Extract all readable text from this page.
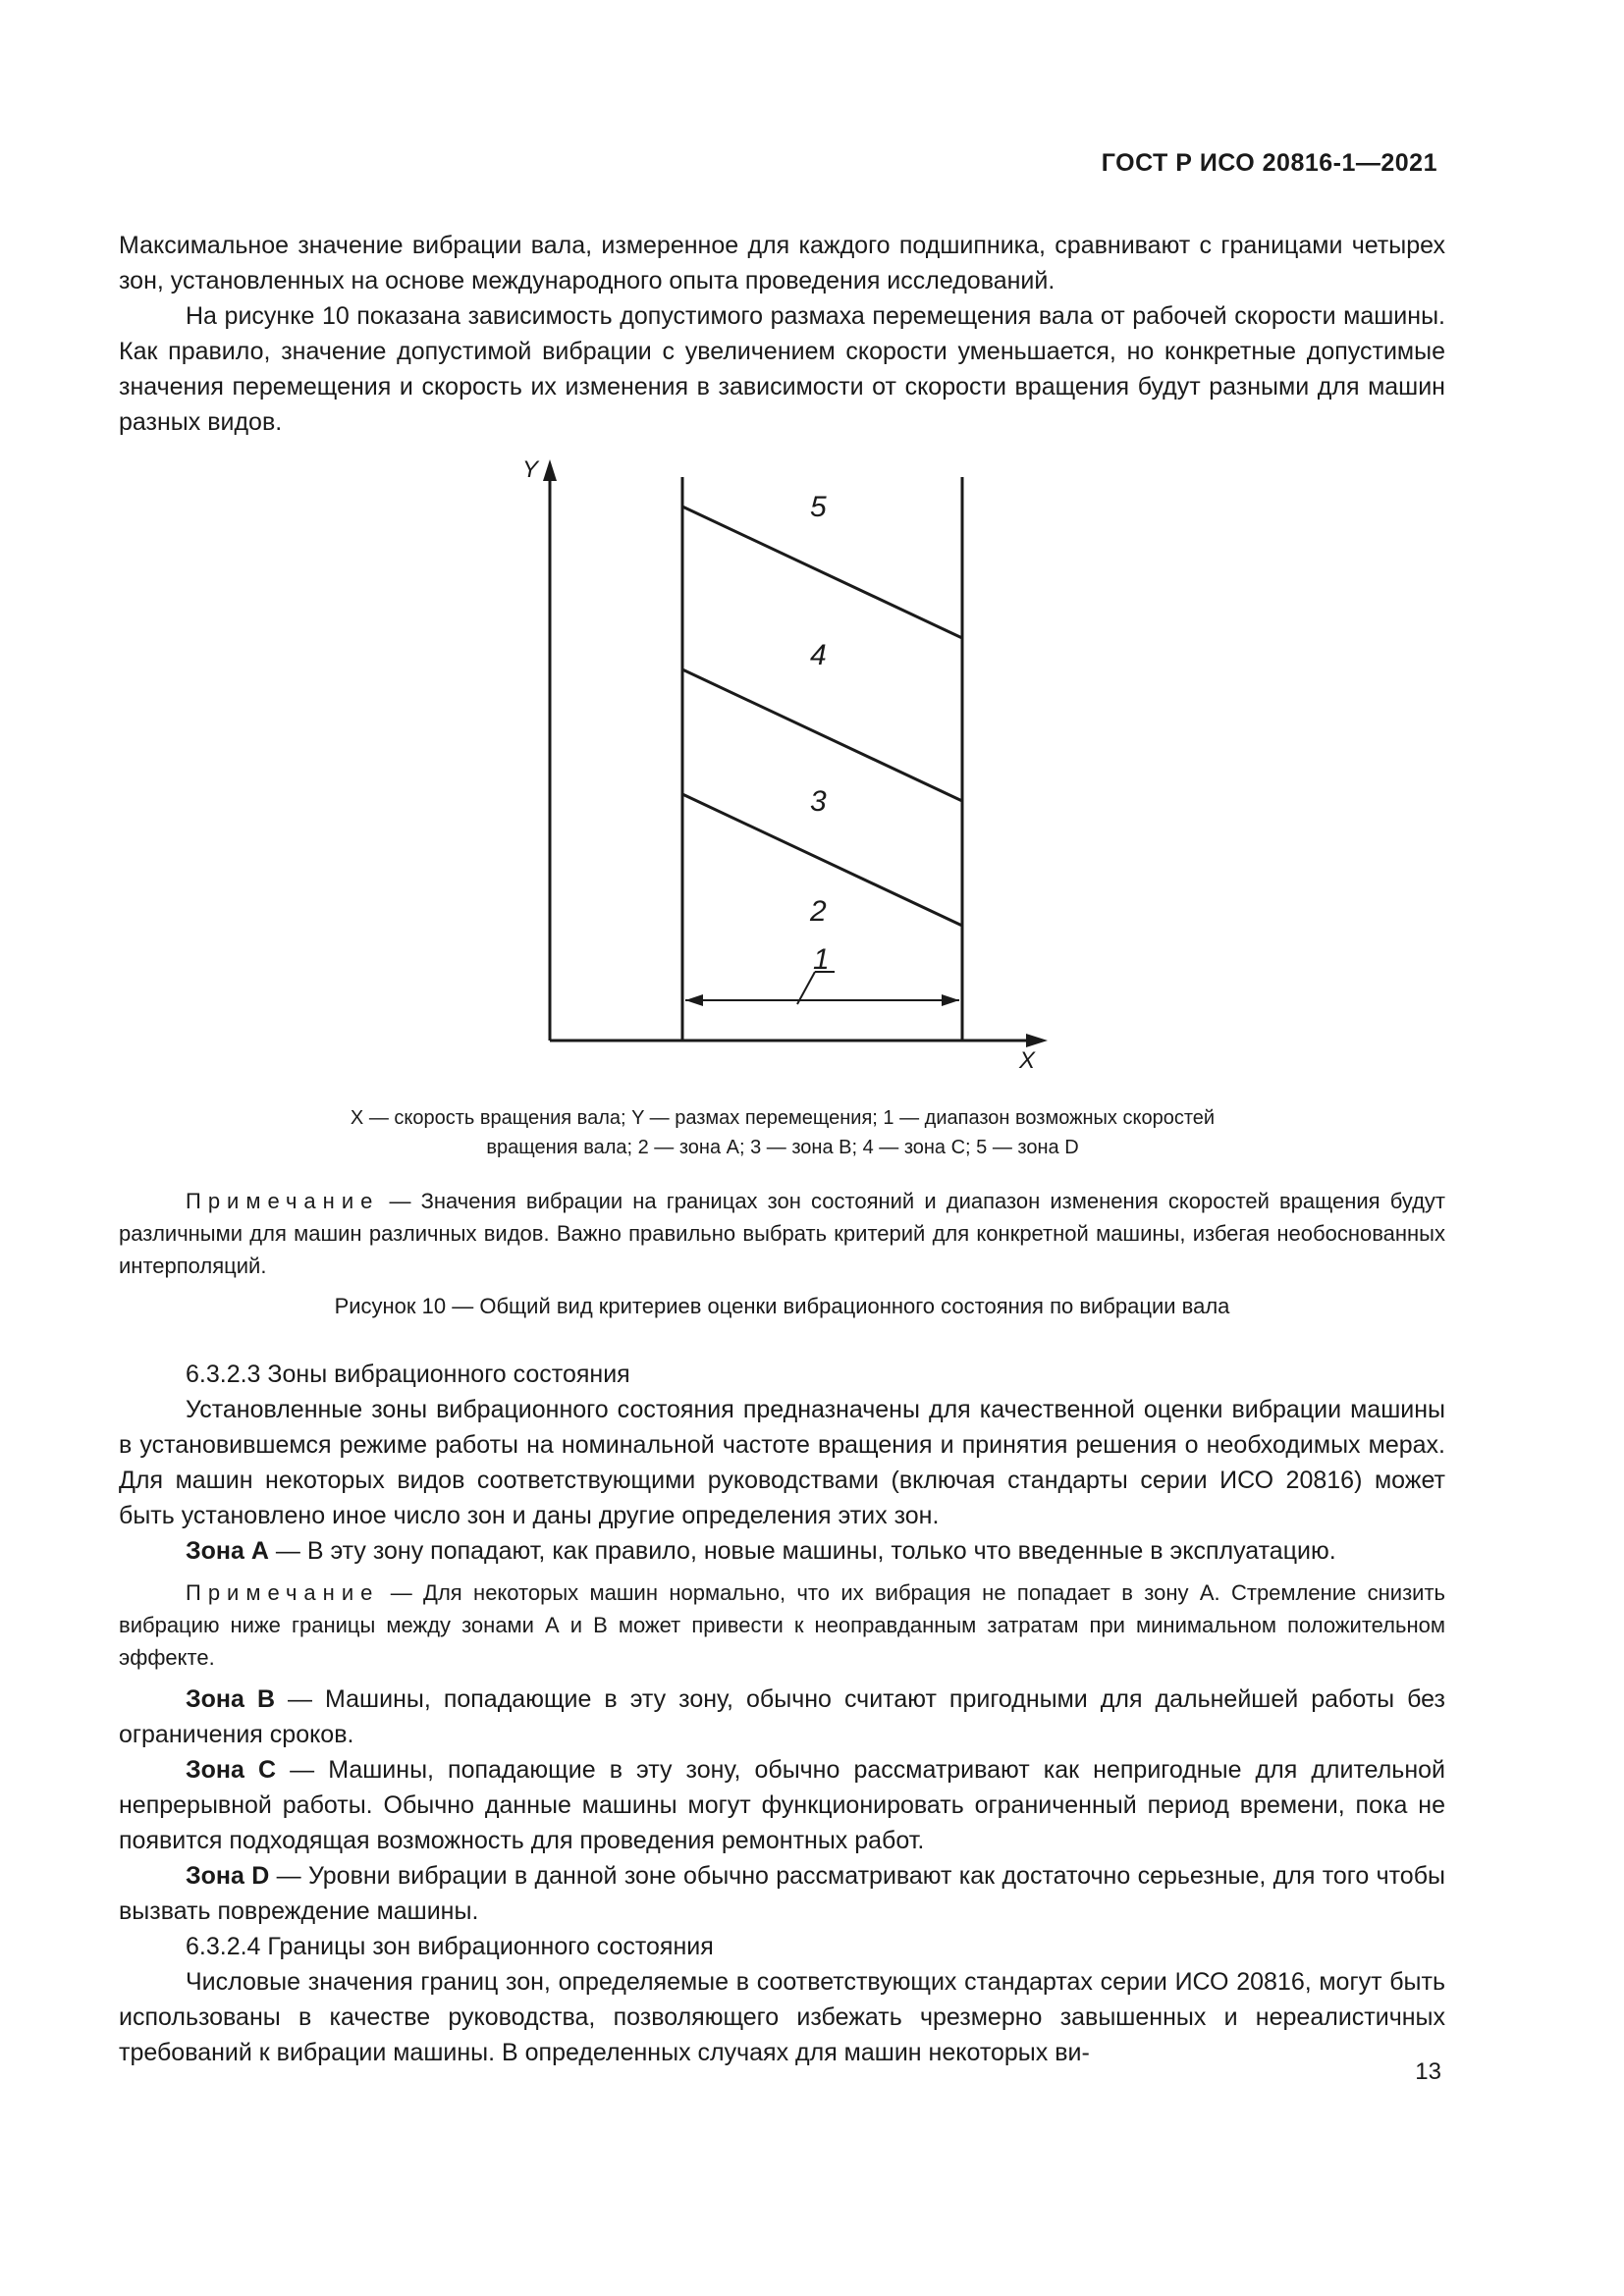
ГОСТ Р ИСО 20816-1—2021

Максимальное значение вибрации вала, измеренное для каждого подшипника, сравнивают с границами четырех зон, установленных на основе международного опыта проведения исследований.

На рисунке 10 показана зависимость допустимого размаха перемещения вала от рабочей скорости машины. Как правило, значение допустимой вибрации с увеличением скорости уменьшается, но конкретные допустимые значения перемещения и скорость их изменения в зависимости от скорости вращения будут разными для машин разных видов.

Y
X
1
2
3
4
5
X — скорость вращения вала; Y — размах перемещения; 1 — диапазон возможных скоростей
вращения вала; 2 — зона A; 3 — зона B; 4 — зона C; 5 — зона D

Примечание — Значения вибрации на границах зон состояний и диапазон изменения скоростей вращения будут различными для машин различных видов. Важно правильно выбрать критерий для конкретной машины, избегая необоснованных интерполяций.

Рисунок 10 — Общий вид критериев оценки вибрационного состояния по вибрации вала

6.3.2.3 Зоны вибрационного состояния

Установленные зоны вибрационного состояния предназначены для качественной оценки вибрации машины в установившемся режиме работы на номинальной частоте вращения и принятия решения о необходимых мерах. Для машин некоторых видов соответствующими руководствами (включая стандарты серии ИСО 20816) может быть установлено иное число зон и даны другие определения этих зон.

Зона А — В эту зону попадают, как правило, новые машины, только что введенные в эксплуатацию.

Примечание — Для некоторых машин нормально, что их вибрация не попадает в зону А. Стремление снизить вибрацию ниже границы между зонами А и В может привести к неоправданным затратам при минимальном положительном эффекте.

Зона В — Машины, попадающие в эту зону, обычно считают пригодными для дальнейшей работы без ограничения сроков.

Зона С — Машины, попадающие в эту зону, обычно рассматривают как непригодные для длительной непрерывной работы. Обычно данные машины могут функционировать ограниченный период времени, пока не появится подходящая возможность для проведения ремонтных работ.

Зона D — Уровни вибрации в данной зоне обычно рассматривают как достаточно серьезные, для того чтобы вызвать повреждение машины.

6.3.2.4 Границы зон вибрационного состояния

Числовые значения границ зон, определяемые в соответствующих стандартах серии ИСО 20816, могут быть использованы в качестве руководства, позволяющего избежать чрезмерно завышенных и нереалистичных требований к вибрации машины. В определенных случаях для машин некоторых ви-

13
